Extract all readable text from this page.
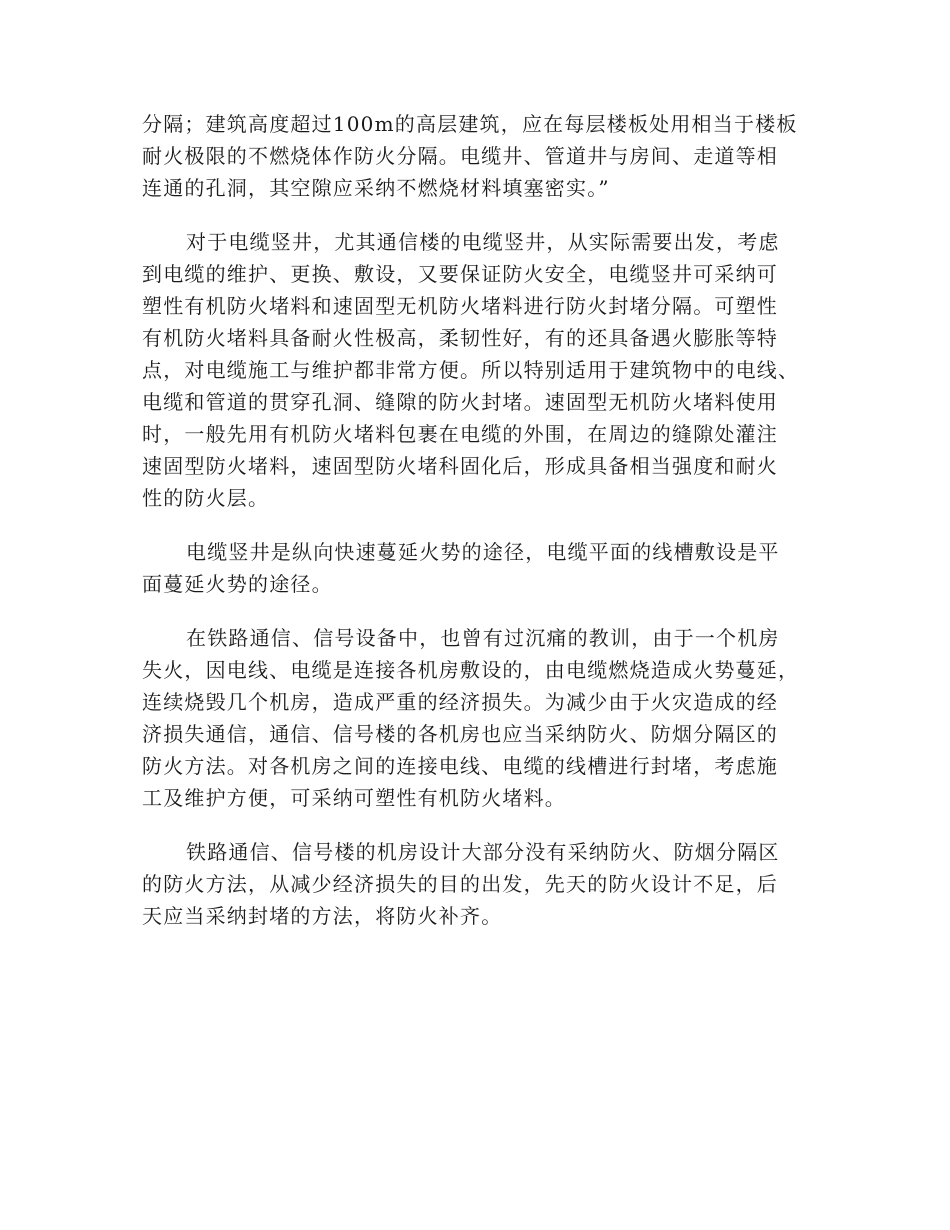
分隔；建筑高度超过100m的高层建筑，应在每层楼板处用相当于楼板
耐火极限的不燃烧体作防火分隔。电缆井、管道井与房间、走道等相
连通的孔洞，其空隙应采纳不燃烧材料填塞密实。”
对于电缆竖井，尤其通信楼的电缆竖井，从实际需要出发，考虑
到电缆的维护、更换、敷设，又要保证防火安全，电缆竖井可采纳可
塑性有机防火堵料和速固型无机防火堵料进行防火封堵分隔。可塑性
有机防火堵料具备耐火性极高，柔韧性好，有的还具备遇火膨胀等特
点，对电缆施工与维护都非常方便。所以特别适用于建筑物中的电线、
电缆和管道的贯穿孔洞、缝隙的防火封堵。速固型无机防火堵料使用
时，一般先用有机防火堵料包裹在电缆的外围，在周边的缝隙处灌注
速固型防火堵料，速固型防火堵科固化后，形成具备相当强度和耐火
性的防火层。
电缆竖井是纵向快速蔓延火势的途径，电缆平面的线槽敷设是平
面蔓延火势的途径。
在铁路通信、信号设备中，也曾有过沉痛的教训，由于一个机房
失火，因电线、电缆是连接各机房敷设的，由电缆燃烧造成火势蔓延，
连续烧毁几个机房，造成严重的经济损失。为减少由于火灾造成的经
济损失通信，通信、信号楼的各机房也应当采纳防火、防烟分隔区的
防火方法。对各机房之间的连接电线、电缆的线槽进行封堵，考虑施
工及维护方便，可采纳可塑性有机防火堵料。
铁路通信、信号楼的机房设计大部分没有采纳防火、防烟分隔区
的防火方法，从减少经济损失的目的出发，先天的防火设计不足，后
天应当采纳封堵的方法，将防火补齐。
